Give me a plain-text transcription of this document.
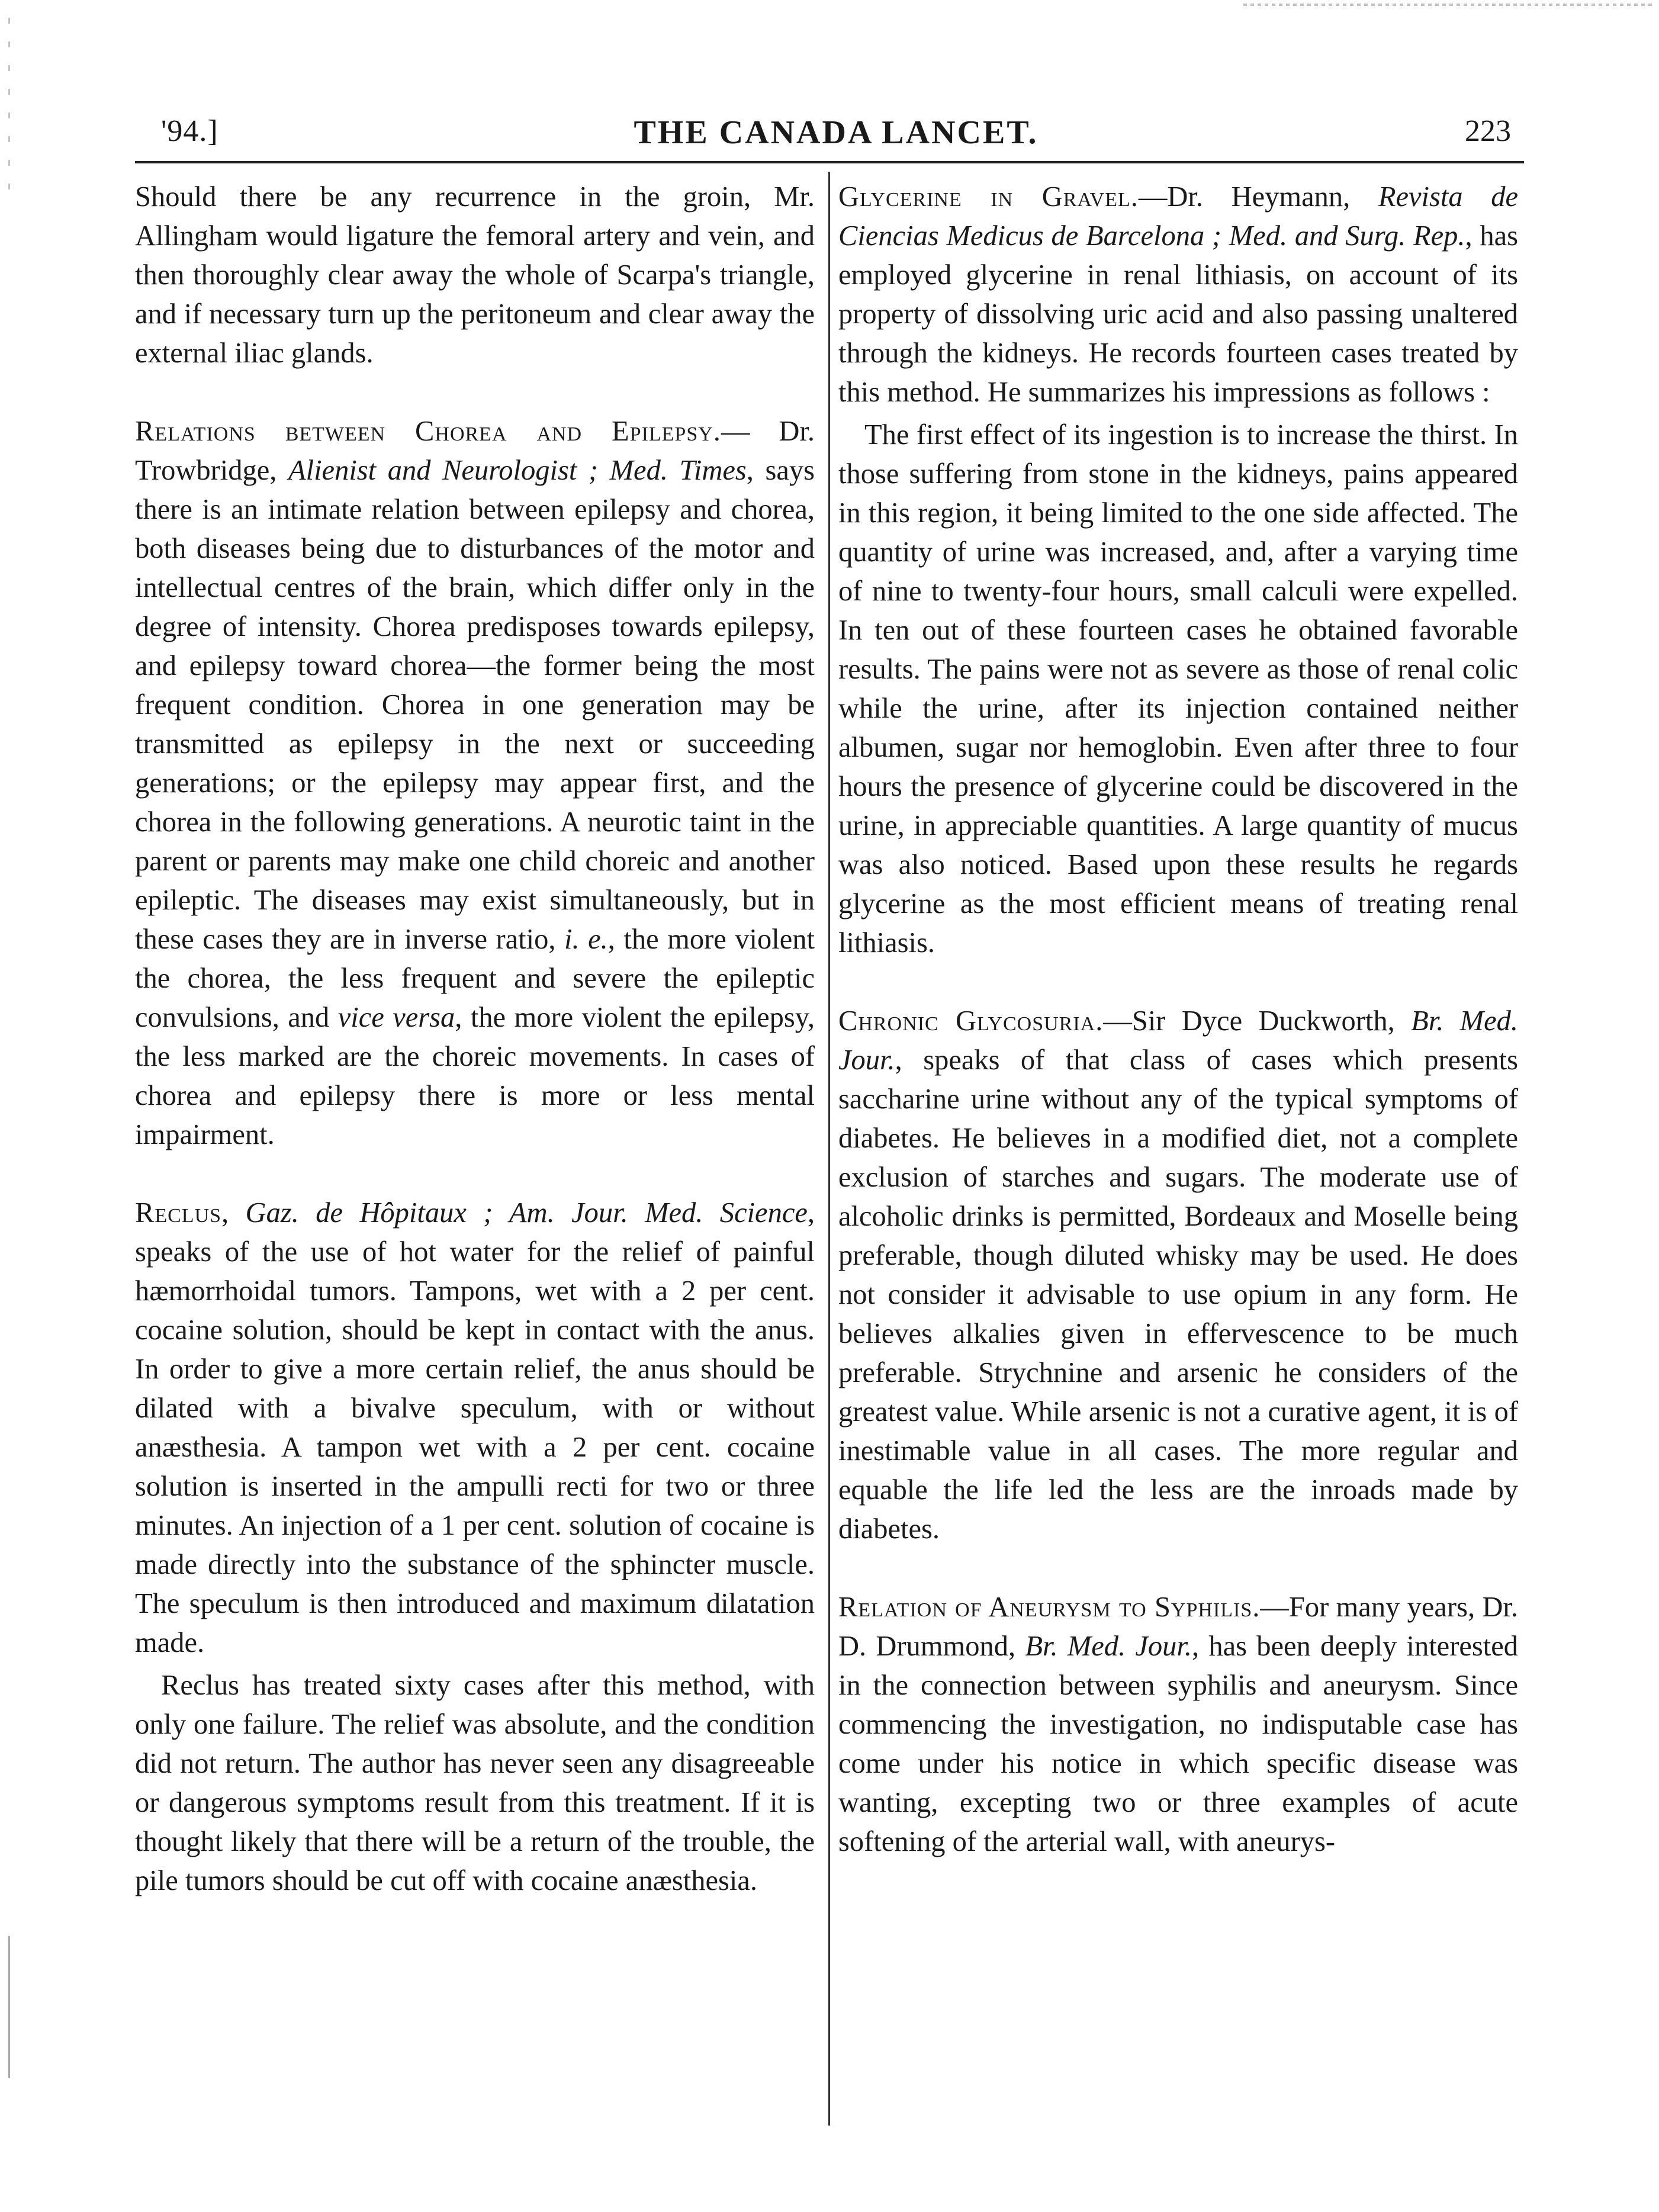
'94.]	THE CANADA LANCET.	223

Should there be any recurrence in the groin, Mr. Allingham would ligature the femoral artery and vein, and then thoroughly clear away the whole of Scarpa's triangle, and if necessary turn up the peritoneum and clear away the external iliac glands.

Relations between Chorea and Epilepsy.— Dr. Trowbridge, Alienist and Neurologist ; Med. Times, says there is an intimate relation between epilepsy and chorea, both diseases being due to disturbances of the motor and intellectual centres of the brain, which differ only in the degree of intensity. Chorea predisposes towards epilepsy, and epilepsy toward chorea—the former being the most frequent condition. Chorea in one generation may be transmitted as epilepsy in the next or succeeding generations; or the epilepsy may appear first, and the chorea in the following generations. A neurotic taint in the parent or parents may make one child choreic and another epileptic. The diseases may exist simultaneously, but in these cases they are in inverse ratio, i. e., the more violent the chorea, the less frequent and severe the epileptic convulsions, and vice versa, the more violent the epilepsy, the less marked are the choreic movements. In cases of chorea and epilepsy there is more or less mental impairment.

Reclus, Gaz. de Hôpitaux ; Am. Jour. Med. Science, speaks of the use of hot water for the relief of painful hæmorrhoidal tumors. Tampons, wet with a 2 per cent. cocaine solution, should be kept in contact with the anus. In order to give a more certain relief, the anus should be dilated with a bivalve speculum, with or without anæsthesia. A tampon wet with a 2 per cent. cocaine solution is inserted in the ampulli recti for two or three minutes. An injection of a 1 per cent. solution of cocaine is made directly into the substance of the sphincter muscle. The speculum is then introduced and maximum dilatation made.

Reclus has treated sixty cases after this method, with only one failure. The relief was absolute, and the condition did not return. The author has never seen any disagreeable or dangerous symptoms result from this treatment. If it is thought likely that there will be a return of the trouble, the pile tumors should be cut off with cocaine anæsthesia.

Glycerine in Gravel.—Dr. Heymann, Revista de Ciencias Medicus de Barcelona ; Med. and Surg. Rep., has employed glycerine in renal lithiasis, on account of its property of dissolving uric acid and also passing unaltered through the kidneys. He records fourteen cases treated by this method. He summarizes his impressions as follows :

The first effect of its ingestion is to increase the thirst. In those suffering from stone in the kidneys, pains appeared in this region, it being limited to the one side affected. The quantity of urine was increased, and, after a varying time of nine to twenty-four hours, small calculi were expelled. In ten out of these fourteen cases he obtained favorable results. The pains were not as severe as those of renal colic while the urine, after its injection contained neither albumen, sugar nor hemoglobin. Even after three to four hours the presence of glycerine could be discovered in the urine, in appreciable quantities. A large quantity of mucus was also noticed. Based upon these results he regards glycerine as the most efficient means of treating renal lithiasis.

Chronic Glycosuria.—Sir Dyce Duckworth, Br. Med. Jour., speaks of that class of cases which presents saccharine urine without any of the typical symptoms of diabetes. He believes in a modified diet, not a complete exclusion of starches and sugars. The moderate use of alcoholic drinks is permitted, Bordeaux and Moselle being preferable, though diluted whisky may be used. He does not consider it advisable to use opium in any form. He believes alkalies given in effervescence to be much preferable. Strychnine and arsenic he considers of the greatest value. While arsenic is not a curative agent, it is of inestimable value in all cases. The more regular and equable the life led the less are the inroads made by diabetes.

Relation of Aneurysm to Syphilis.—For many years, Dr. D. Drummond, Br. Med. Jour., has been deeply interested in the connection between syphilis and aneurysm. Since commencing the investigation, no indisputable case has come under his notice in which specific disease was wanting, excepting two or three examples of acute softening of the arterial wall, with aneurys-
